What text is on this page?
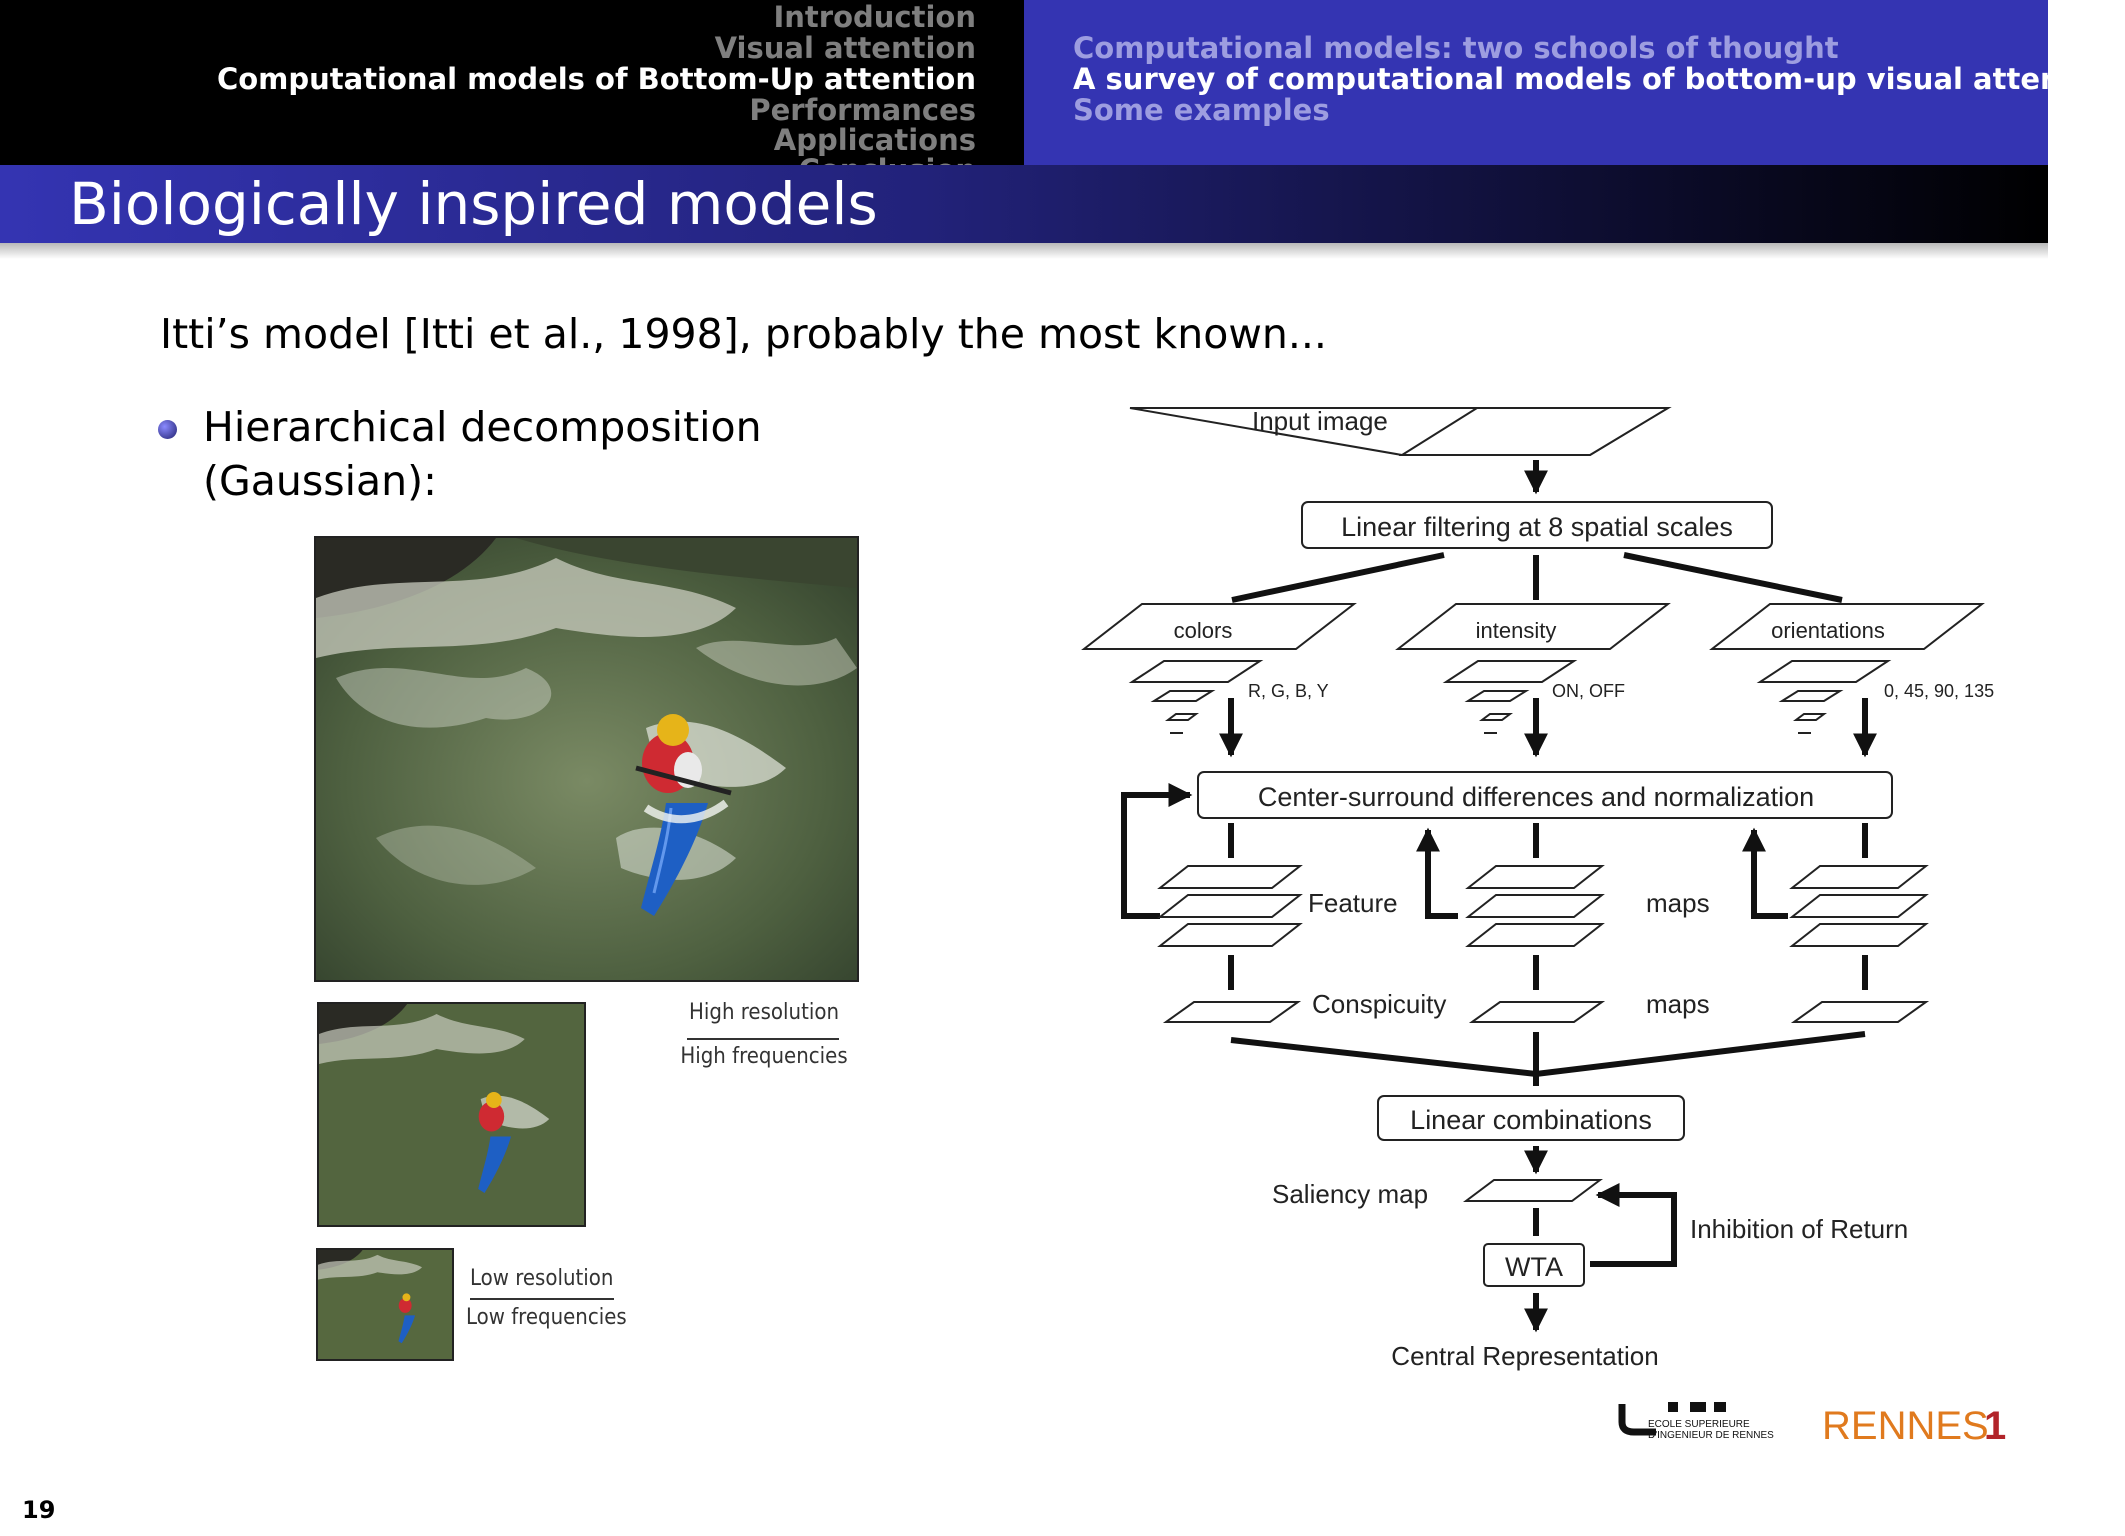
Introduction
Visual attention
Computational models of Bottom-Up attention
Performances
Applications
Computational models: two schools of thought
A survey of computational models of bottom-up visual attention
Some examples
Biologically inspired models
Itti’s model [Itti et al., 1998], probably the most known...
Hierarchical decomposition (Gaussian):
High resolution
High frequencies
Low resolution
Low frequencies
Input image
Linear filtering at 8 spatial scales
colors
R, G, B, Y
intensity
ON, OFF
orientations
0, 45, 90, 135
Center-surround differences and normalization
Feature	maps
Conspicuity	maps
Linear combinations
Saliency map
WTA
Inhibition of Return
Central Representation
ECOLE SUPERIEURE
D'INGENIEUR DE RENNES RENNES
1
19
